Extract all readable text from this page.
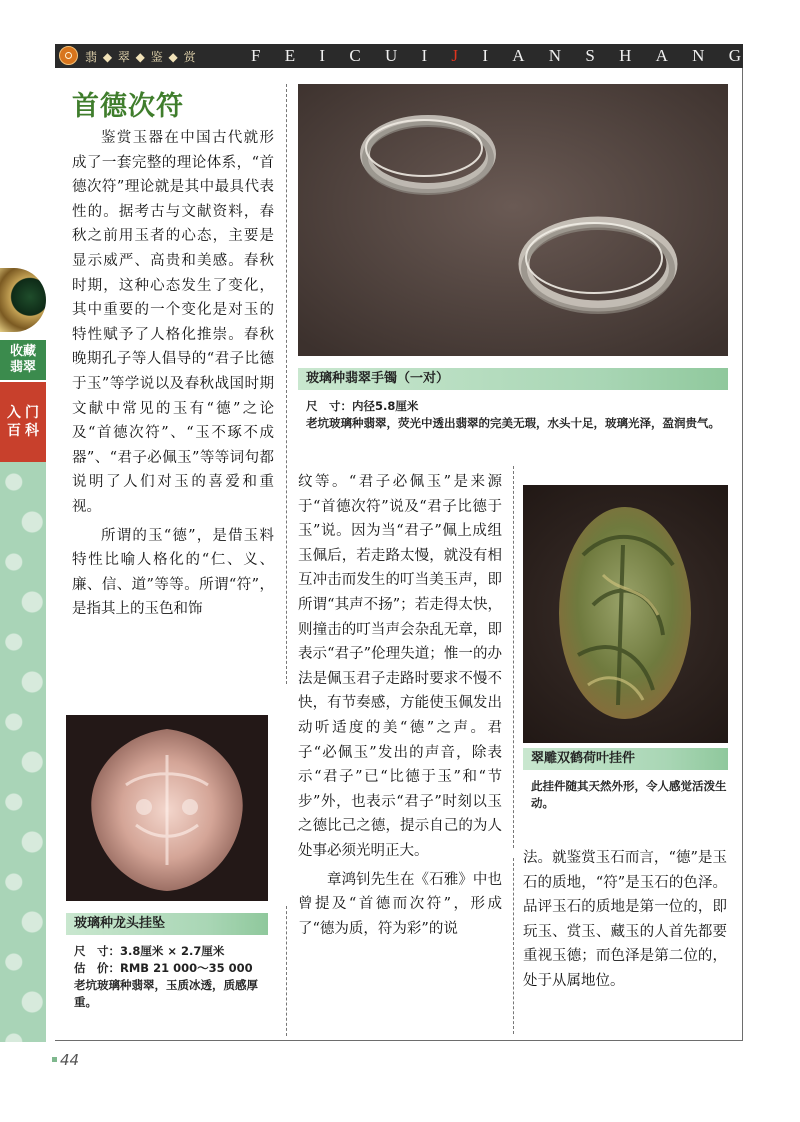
翡 ◆ 翠 ◆ 鉴 ◆ 赏	F E I C U I J I A N S H A N G
收藏
翡翠
入 门
百 科
首德次符

鉴赏玉器在中国古代就形成了一套完整的理论体系，“首德次符”理论就是其中最具代表性的。据考古与文献资料，春秋之前用玉者的心态，主要是显示威严、高贵和美感。春秋时期，这种心态发生了变化，其中重要的一个变化是对玉的特性赋予了人格化推崇。春秋晚期孔子等人倡导的“君子比德于玉”等学说以及春秋战国时期文献中常见的玉有“德”之论及“首德次符”、“玉不琢不成器”、“君子必佩玉”等等词句都说明了人们对玉的喜爱和重视。

所谓的玉“德”，是借玉料特性比喻人格化的“仁、义、廉、信、道”等等。所谓“符”，是指其上的玉色和饰

玻璃种翡翠手镯（一对）
尺　寸：内径5.8厘米
老坑玻璃种翡翠，荧光中透出翡翠的完美无瑕，水头十足，玻璃光泽，盈润贵气。

纹等。“君子必佩玉”是来源于“首德次符”说及“君子比德于玉”说。因为当“君子”佩上成组玉佩后，若走路太慢，就没有相互冲击而发生的叮当美玉声，即所谓“其声不扬”；若走得太快，则撞击的叮当声会杂乱无章，即表示“君子”伦理失道；惟一的办法是佩玉君子走路时要求不慢不快，有节奏感，方能使玉佩发出动听适度的美“德”之声。君子“必佩玉”发出的声音，除表示“君子”已“比德于玉”和“节步”外，也表示“君子”时刻以玉之德比己之德，提示自己的为人处事必须光明正大。

章鸿钊先生在《石雅》中也曾提及“首德而次符”，形成了“德为质，符为彩”的说

翠雕双鹤荷叶挂件
此挂件随其天然外形，令人感觉活泼生动。

法。就鉴赏玉石而言，“德”是玉石的质地，“符”是玉石的色泽。品评玉石的质地是第一位的，即玩玉、赏玉、藏玉的人首先都要重视玉德；而色泽是第二位的，处于从属地位。

玻璃种龙头挂坠
尺　寸：3.8厘米 × 2.7厘米
估　价：RMB 21 000～35 000
老坑玻璃种翡翠，玉质冰透，质感厚重。
44
